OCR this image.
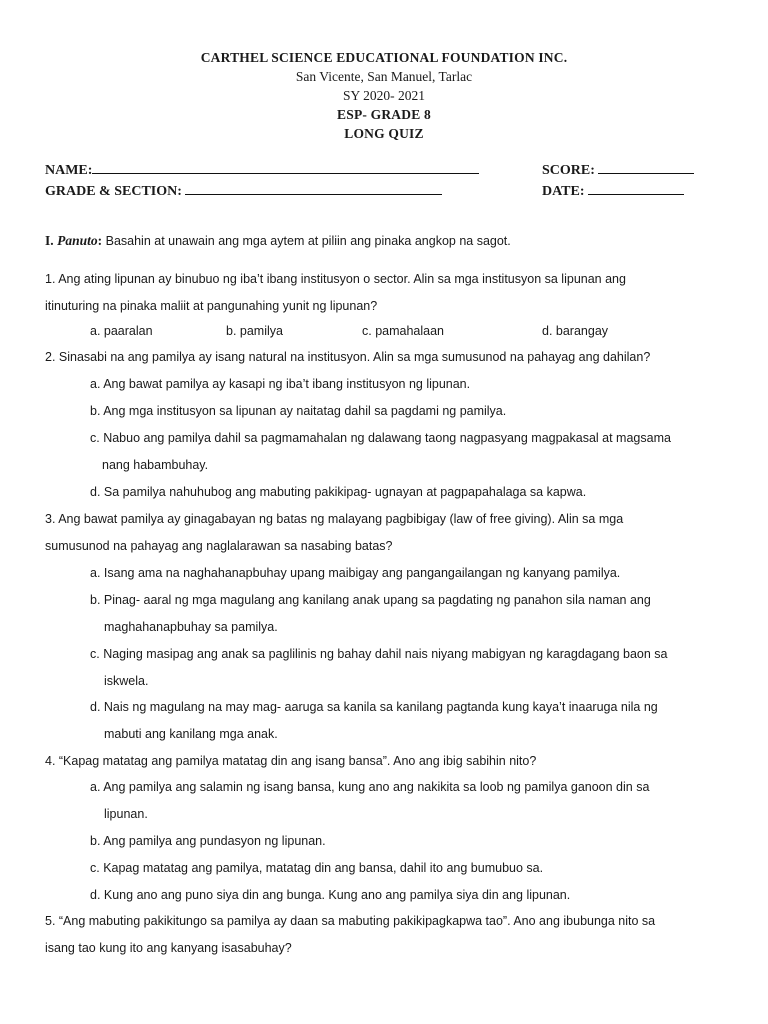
CARTHEL SCIENCE EDUCATIONAL FOUNDATION INC.
San Vicente, San Manuel, Tarlac
SY 2020- 2021
ESP- GRADE 8
LONG QUIZ
NAME:	SCORE:
GRADE & SECTION:	DATE:
I. Panuto: Basahin at unawain ang mga aytem at piliin ang pinaka angkop na sagot.
1. Ang ating lipunan ay binubuo ng iba’t ibang institusyon o sector. Alin sa mga institusyon sa lipunan ang
itinuturing na pinaka maliit at pangunahing yunit ng lipunan?
a. paaralan	b. pamilya	c. pamahalaan	d. barangay
2. Sinasabi na ang pamilya ay isang natural na institusyon. Alin sa mga sumusunod na pahayag ang dahilan?
a. Ang bawat pamilya ay kasapi ng iba’t ibang institusyon ng lipunan.
b. Ang mga institusyon sa lipunan ay naitatag dahil sa pagdami ng pamilya.
c. Nabuo ang pamilya dahil sa pagmamahalan ng dalawang taong nagpasyang magpakasal at magsama
nang habambuhay.
d. Sa pamilya nahuhubog ang mabuting pakikipag- ugnayan at pagpapahalaga sa kapwa.
3. Ang bawat pamilya ay ginagabayan ng batas ng malayang pagbibigay (law of free giving). Alin sa mga
sumusunod na pahayag ang naglalarawan sa nasabing batas?
a. Isang ama na naghahanapbuhay upang maibigay ang pangangailangan ng kanyang pamilya.
b. Pinag- aaral ng mga magulang ang kanilang anak upang sa pagdating ng panahon sila naman ang
maghahanapbuhay sa pamilya.
c. Naging masipag ang anak sa paglilinis ng bahay dahil nais niyang mabigyan ng karagdagang baon sa
iskwela.
d. Nais ng magulang na may mag- aaruga sa kanila sa kanilang pagtanda kung kaya’t inaaruga nila ng
mabuti ang kanilang mga anak.
4. “Kapag matatag ang pamilya matatag din ang isang bansa”. Ano ang ibig sabihin nito?
a. Ang pamilya ang salamin ng isang bansa, kung ano ang nakikita sa loob ng pamilya ganoon din sa
lipunan.
b. Ang pamilya ang pundasyon ng lipunan.
c. Kapag matatag ang pamilya, matatag din ang bansa, dahil ito ang bumubuo sa.
d. Kung ano ang puno siya din ang bunga. Kung ano ang pamilya siya din ang lipunan.
5. “Ang mabuting pakikitungo sa pamilya ay daan sa mabuting pakikipagkapwa tao”. Ano ang ibubunga nito sa
isang tao kung ito ang kanyang isasabuhay?
